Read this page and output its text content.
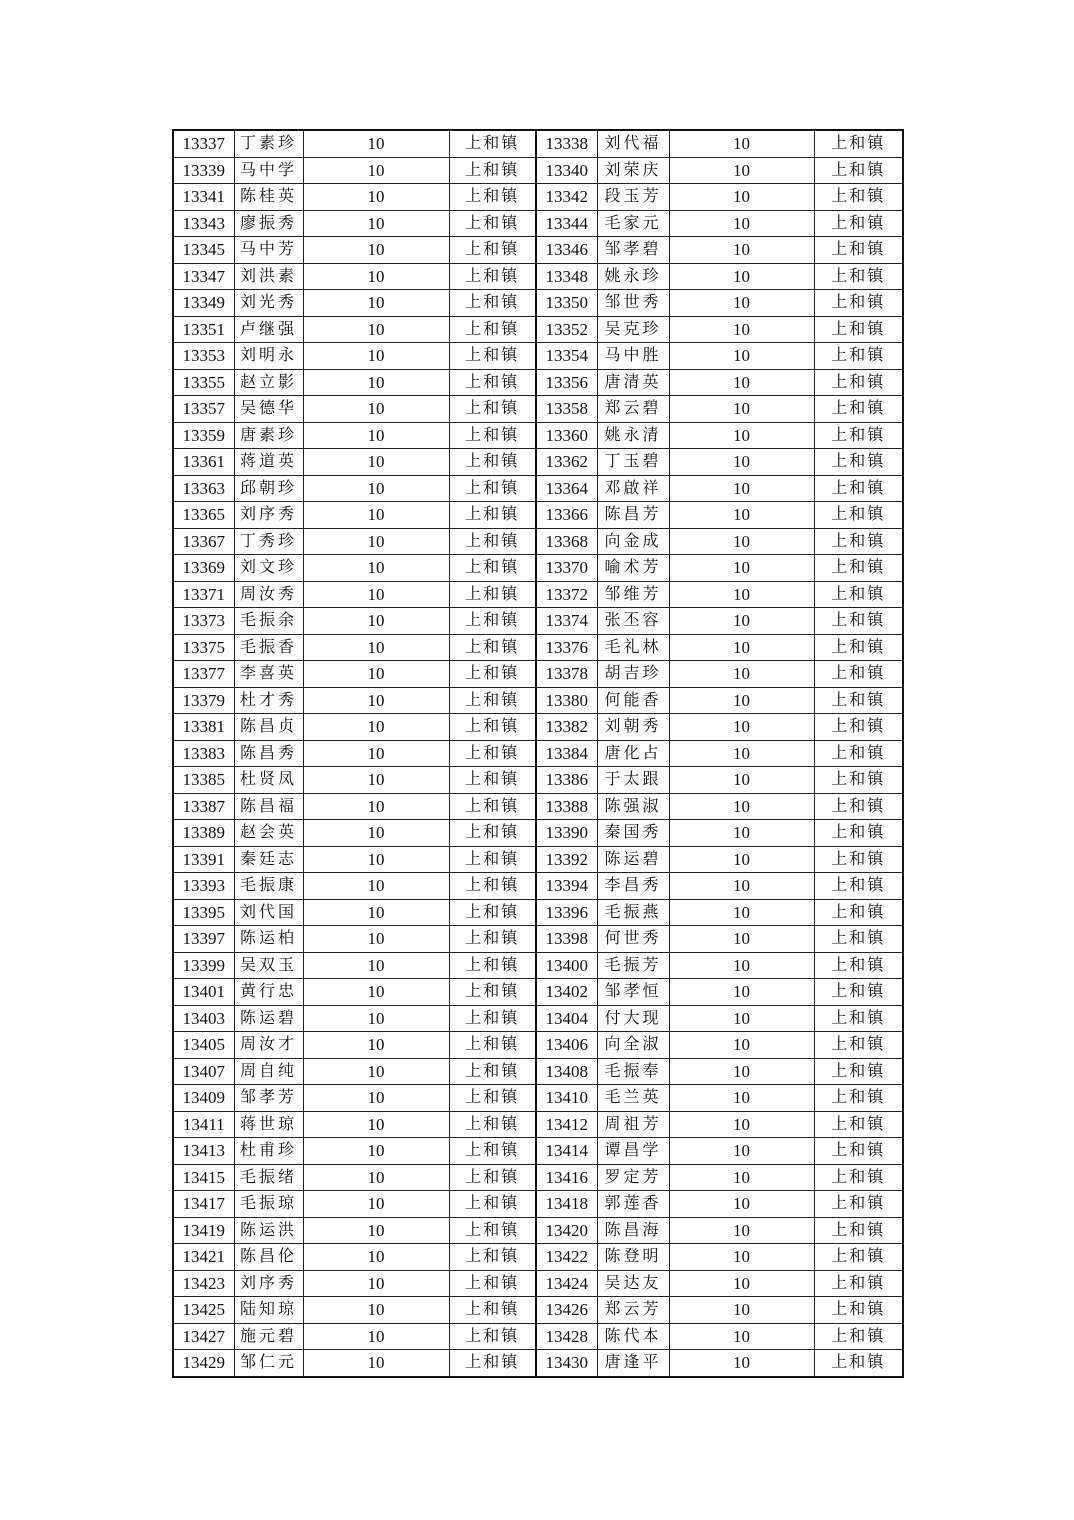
13337	丁素珍	10	上和镇	13338	刘代福	10	上和镇
13339	马中学	10	上和镇	13340	刘荣庆	10	上和镇
13341	陈桂英	10	上和镇	13342	段玉芳	10	上和镇
13343	廖振秀	10	上和镇	13344	毛家元	10	上和镇
13345	马中芳	10	上和镇	13346	邹孝碧	10	上和镇
13347	刘洪素	10	上和镇	13348	姚永珍	10	上和镇
13349	刘光秀	10	上和镇	13350	邹世秀	10	上和镇
13351	卢继强	10	上和镇	13352	吴克珍	10	上和镇
13353	刘明永	10	上和镇	13354	马中胜	10	上和镇
13355	赵立影	10	上和镇	13356	唐清英	10	上和镇
13357	吴德华	10	上和镇	13358	郑云碧	10	上和镇
13359	唐素珍	10	上和镇	13360	姚永清	10	上和镇
13361	蒋道英	10	上和镇	13362	丁玉碧	10	上和镇
13363	邱朝珍	10	上和镇	13364	邓啟祥	10	上和镇
13365	刘序秀	10	上和镇	13366	陈昌芳	10	上和镇
13367	丁秀珍	10	上和镇	13368	向金成	10	上和镇
13369	刘文珍	10	上和镇	13370	喻术芳	10	上和镇
13371	周汝秀	10	上和镇	13372	邹维芳	10	上和镇
13373	毛振余	10	上和镇	13374	张丕容	10	上和镇
13375	毛振香	10	上和镇	13376	毛礼林	10	上和镇
13377	李喜英	10	上和镇	13378	胡吉珍	10	上和镇
13379	杜才秀	10	上和镇	13380	何能香	10	上和镇
13381	陈昌贞	10	上和镇	13382	刘朝秀	10	上和镇
13383	陈昌秀	10	上和镇	13384	唐化占	10	上和镇
13385	杜贤凤	10	上和镇	13386	于太跟	10	上和镇
13387	陈昌福	10	上和镇	13388	陈强淑	10	上和镇
13389	赵会英	10	上和镇	13390	秦国秀	10	上和镇
13391	秦廷志	10	上和镇	13392	陈运碧	10	上和镇
13393	毛振康	10	上和镇	13394	李昌秀	10	上和镇
13395	刘代国	10	上和镇	13396	毛振燕	10	上和镇
13397	陈运柏	10	上和镇	13398	何世秀	10	上和镇
13399	吴双玉	10	上和镇	13400	毛振芳	10	上和镇
13401	黄行忠	10	上和镇	13402	邹孝恒	10	上和镇
13403	陈运碧	10	上和镇	13404	付大现	10	上和镇
13405	周汝才	10	上和镇	13406	向全淑	10	上和镇
13407	周自纯	10	上和镇	13408	毛振奉	10	上和镇
13409	邹孝芳	10	上和镇	13410	毛兰英	10	上和镇
13411	蒋世琼	10	上和镇	13412	周祖芳	10	上和镇
13413	杜甫珍	10	上和镇	13414	谭昌学	10	上和镇
13415	毛振绪	10	上和镇	13416	罗定芳	10	上和镇
13417	毛振琼	10	上和镇	13418	郭莲香	10	上和镇
13419	陈运洪	10	上和镇	13420	陈昌海	10	上和镇
13421	陈昌伦	10	上和镇	13422	陈登明	10	上和镇
13423	刘序秀	10	上和镇	13424	吴达友	10	上和镇
13425	陆知琼	10	上和镇	13426	郑云芳	10	上和镇
13427	施元碧	10	上和镇	13428	陈代本	10	上和镇
13429	邹仁元	10	上和镇	13430	唐逢平	10	上和镇
